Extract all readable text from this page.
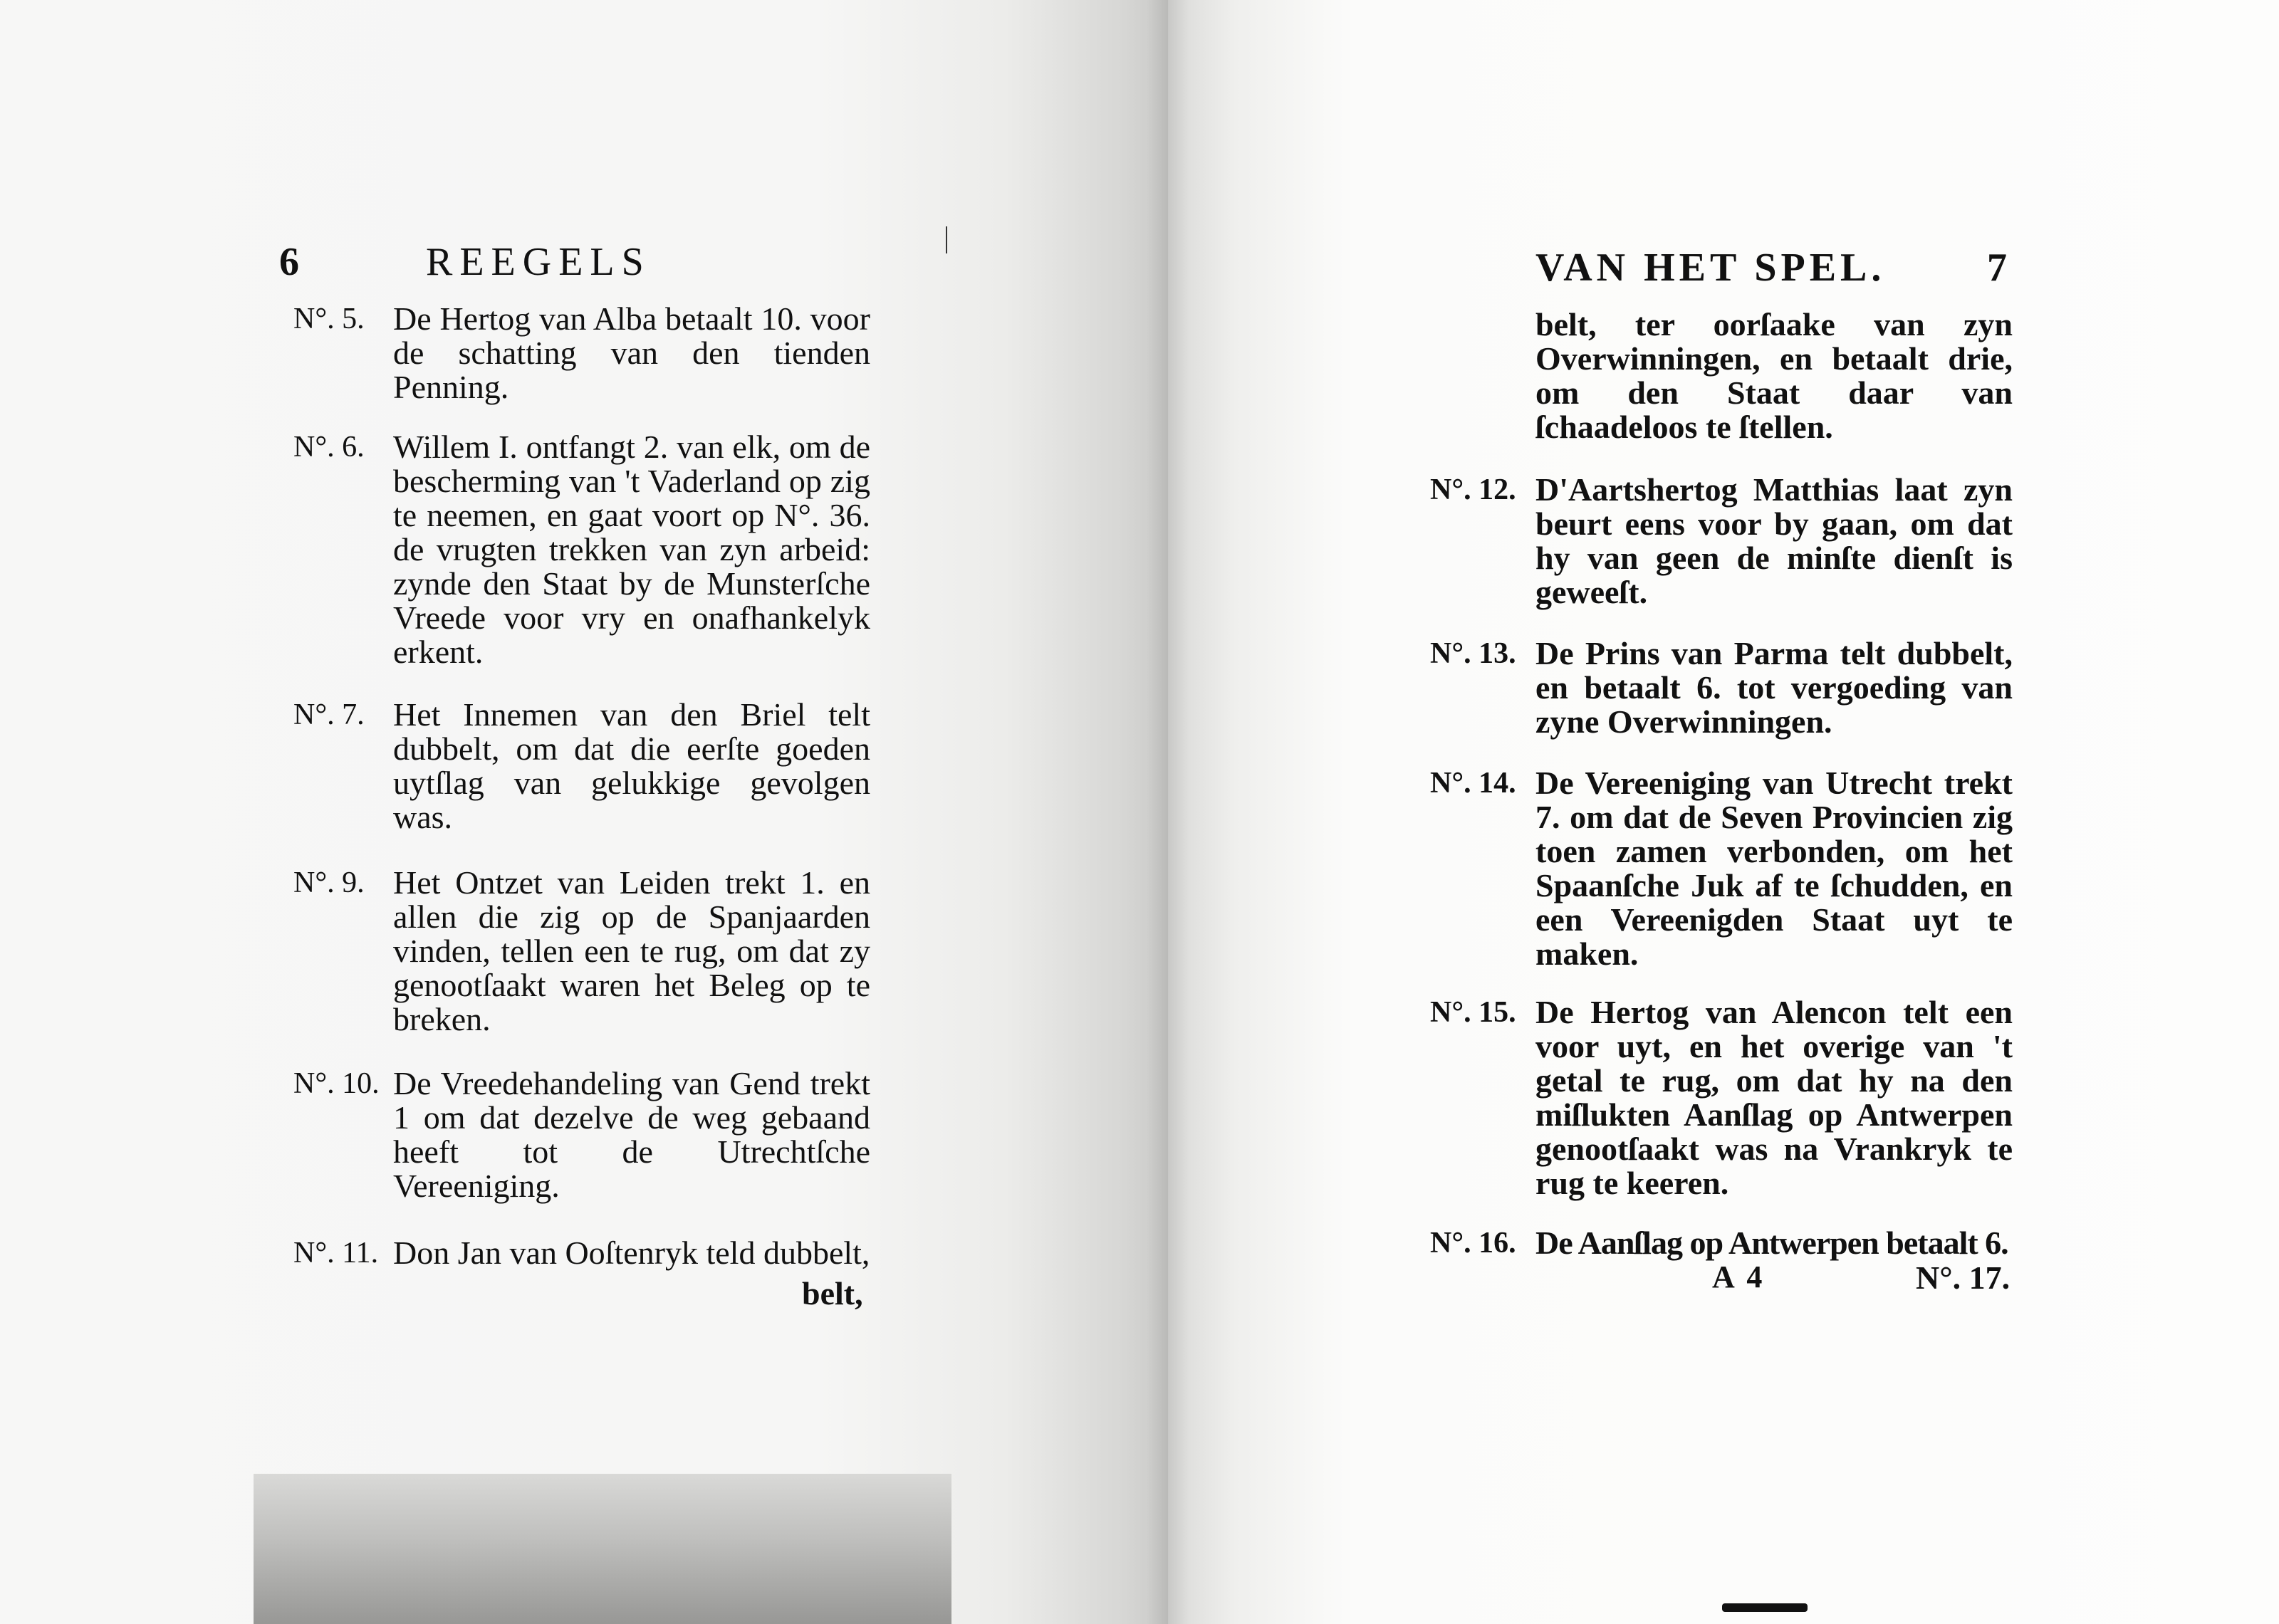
6	REEGELS
N°. 5. De Hertog van Alba betaalt 10. voor de schatting van den tienden Penning.
N°. 6. Willem I. ontfangt 2. van elk, om de bescherming van 't Vaderland op zig te neemen, en gaat voort op N°. 36. de vrugten trekken van zyn arbeid: zynde den Staat by de Munsterſche Vreede voor vry en onafhankelyk erkent.
N°. 7. Het Innemen van den Briel telt dubbelt, om dat die eerſte goeden uytſlag van gelukkige gevolgen was.
N°. 9. Het Ontzet van Leiden trekt 1. en allen die zig op de Spanjaarden vinden, tellen een te rug, om dat zy genootſaakt waren het Beleg op te breken.
N°. 10. De Vreedehandeling van Gend trekt 1 om dat dezelve de weg gebaand heeft tot de Utrechtſche Vereeniging.
N°. 11. Don Jan van Ooſtenryk teld dubbelt,
belt,
VAN HET SPEL.	7
belt, ter oorſaake van zyn Overwinningen, en betaalt drie, om den Staat daar van ſchaadeloos te ſtellen.
N°. 12. D'Aartshertog Matthias laat zyn beurt eens voor by gaan, om dat hy van geen de minſte dienſt is geweeſt.
N°. 13. De Prins van Parma telt dubbelt, en betaalt 6. tot vergoeding van zyne Overwinningen.
N°. 14. De Vereeniging van Utrecht trekt 7. om dat de Seven Provincien zig toen zamen verbonden, om het Spaanſche Juk af te ſchudden, en een Vereenigden Staat uyt te maken.
N°. 15. De Hertog van Alencon telt een voor uyt, en het overige van 't getal te rug, om dat hy na den miſlukten Aanſlag op Antwerpen genootſaakt was na Vrankryk te rug te keeren.
N°. 16. De Aanſlag op Antwerpen betaalt 6.
A 4	N°. 17.
